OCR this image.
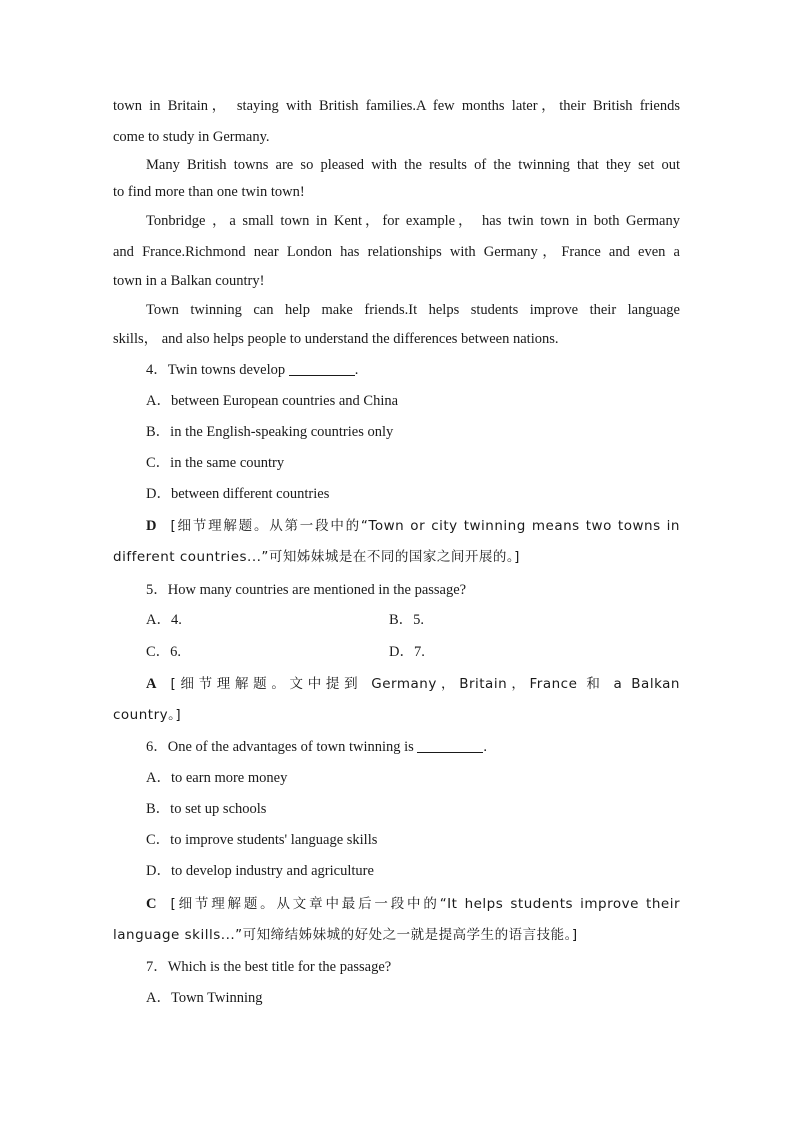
town in Britain， staying with British families.A few months later，their British friends
come to study in Germany.
Many British towns are so pleased with the results of the twinning that they set out
to find more than one twin town!
Tonbridge ，a small town in Kent，for example， has twin town in both Germany
and France.Richmond near London has relationships with Germany，France and even a
town in a Balkan country!
Town twinning can help make friends.It helps students improve their language
skills， and also helps people to understand the differences between nations.
4．Twin towns develop	.
A．between European countries and China
B．in the English-speaking countries only
C．in the same country
D．between different countries
D [细节理解题。从第一段中的“Town or city twinning means two towns in
different countries...”可知姊妹城是在不同的国家之间开展的。]
5．How many countries are mentioned in the passage?
A．4.	B．5.
C．6.	D．7.
A [细节理解题。文中提到 Germany，Britain，France 和 a Balkan
country。]
6．One of the advantages of town twinning is	.
A．to earn more money
B．to set up schools
C．to improve students' language skills
D．to develop industry and agriculture
C [细节理解题。从文章中最后一段中的“It helps students improve their
language skills...”可知缔结姊妹城的好处之一就是提高学生的语言技能。]
7．Which is the best title for the passage?
A．Town Twinning
